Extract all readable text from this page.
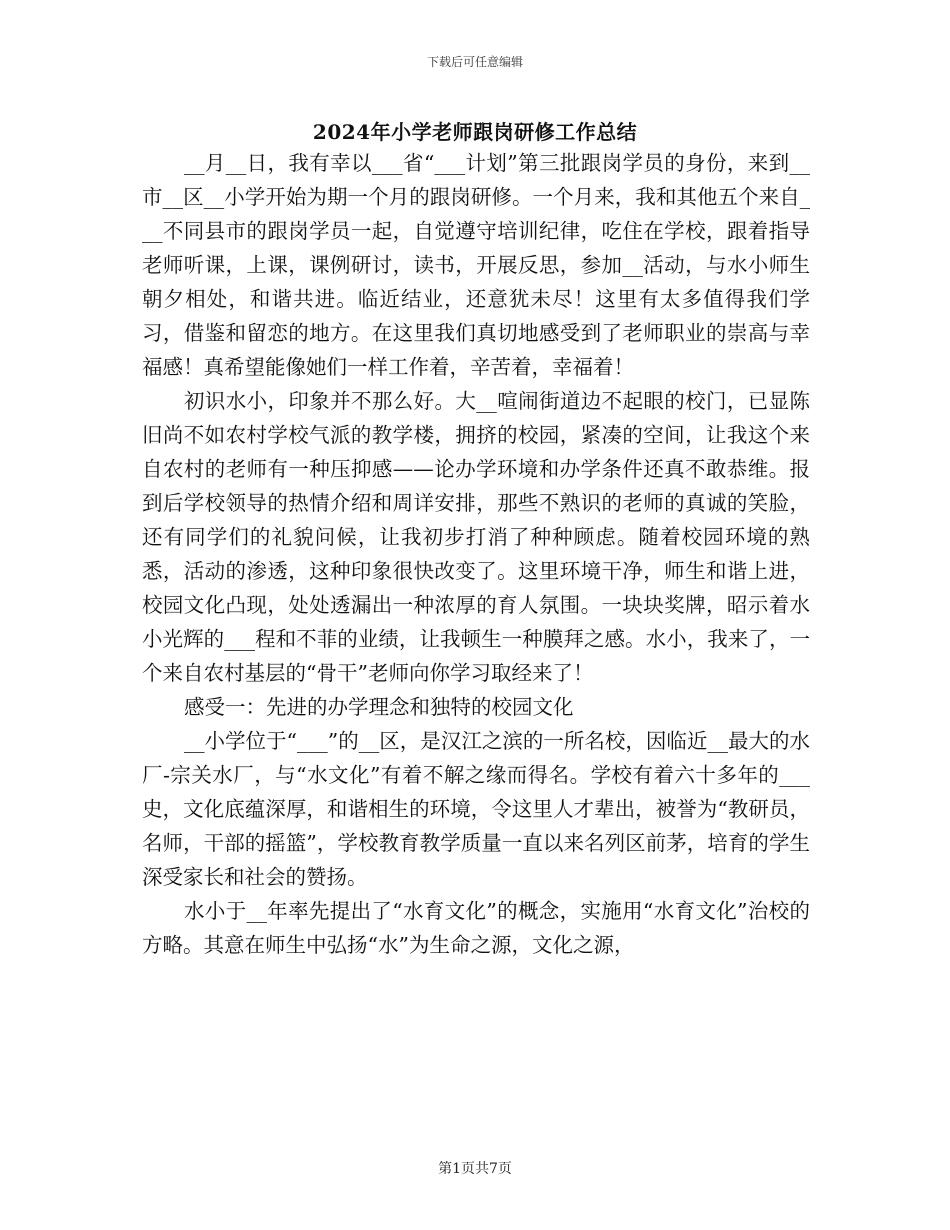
下载后可任意编辑
2024年小学老师跟岗研修工作总结

__月__日，我有幸以___省“___计划”第三批跟岗学员的身份，来到__市__区__小学开始为期一个月的跟岗研修。一个月来，我和其他五个来自___不同县市的跟岗学员一起，自觉遵守培训纪律，吃住在学校，跟着指导老师听课，上课，课例研讨，读书，开展反思，参加__活动，与水小师生朝夕相处，和谐共进。临近结业，还意犹未尽！这里有太多值得我们学习，借鉴和留恋的地方。在这里我们真切地感受到了老师职业的崇高与幸福感！真希望能像她们一样工作着，辛苦着，幸福着！

初识水小，印象并不那么好。大__喧闹街道边不起眼的校门，已显陈旧尚不如农村学校气派的教学楼，拥挤的校园，紧凑的空间，让我这个来自农村的老师有一种压抑感——论办学环境和办学条件还真不敢恭维。报到后学校领导的热情介绍和周详安排，那些不熟识的老师的真诚的笑脸，还有同学们的礼貌问候，让我初步打消了种种顾虑。随着校园环境的熟悉，活动的渗透，这种印象很快改变了。这里环境干净，师生和谐上进，校园文化凸现，处处透漏出一种浓厚的育人氛围。一块块奖牌，昭示着水小光辉的___程和不菲的业绩，让我顿生一种膜拜之感。水小，我来了，一个来自农村基层的“骨干”老师向你学习取经来了！

感受一：先进的办学理念和独特的校园文化

__小学位于“___”的__区，是汉江之滨的一所名校，因临近__最大的水厂-宗关水厂，与“水文化”有着不解之缘而得名。学校有着六十多年的___史，文化底蕴深厚，和谐相生的环境，令这里人才辈出，被誉为“教研员，名师，干部的摇篮”，学校教育教学质量一直以来名列区前茅，培育的学生深受家长和社会的赞扬。

水小于__年率先提出了“水育文化”的概念，实施用“水育文化”治校的方略。其意在师生中弘扬“水”为生命之源，文化之源，

第1页共7页
